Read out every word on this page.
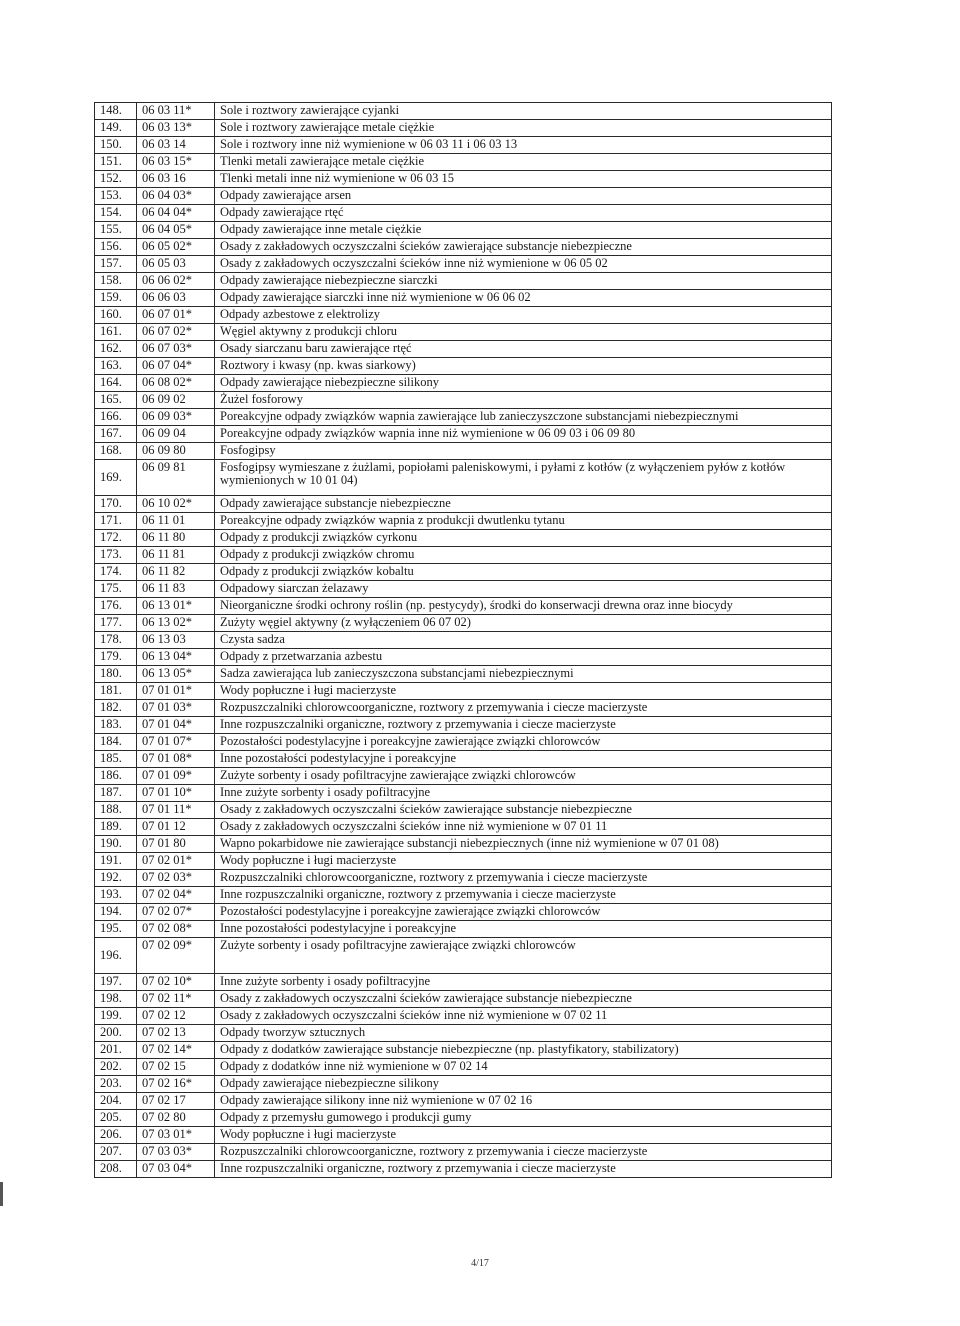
148.	06 03 11*	Sole i roztwory zawierające cyjanki
149.	06 03 13*	Sole i roztwory zawierające metale ciężkie
150.	06 03 14	Sole i roztwory inne niż wymienione w 06 03 11 i 06 03 13
151.	06 03 15*	Tlenki metali zawierające metale ciężkie
152.	06 03 16	Tlenki metali inne niż wymienione w 06 03 15
153.	06 04 03*	Odpady zawierające arsen
154.	06 04 04*	Odpady zawierające rtęć
155.	06 04 05*	Odpady zawierające inne metale ciężkie
156.	06 05 02*	Osady z zakładowych oczyszczalni ścieków zawierające substancje niebezpieczne
157.	06 05 03	Osady z zakładowych oczyszczalni ścieków inne niż wymienione w 06 05 02
158.	06 06 02*	Odpady zawierające niebezpieczne siarczki
159.	06 06 03	Odpady zawierające siarczki inne niż wymienione w 06 06 02
160.	06 07 01*	Odpady azbestowe z elektrolizy
161.	06 07 02*	Węgiel aktywny z produkcji chloru
162.	06 07 03*	Osady siarczanu baru zawierające rtęć
163.	06 07 04*	Roztwory i kwasy (np. kwas siarkowy)
164.	06 08 02*	Odpady zawierające niebezpieczne silikony
165.	06 09 02	Żużel fosforowy
166.	06 09 03*	Poreakcyjne odpady związków wapnia zawierające lub zanieczyszczone substancjami niebezpiecznymi
167.	06 09 04	Poreakcyjne odpady związków wapnia inne niż wymienione w 06 09 03 i 06 09 80
168.	06 09 80	Fosfogipsy
169.	06 09 81	Fosfogipsy wymieszane z żużlami, popiołami paleniskowymi, i pyłami z kotłów (z wyłączeniem pyłów z kotłów wymienionych w 10 01 04)
170.	06 10 02*	Odpady zawierające substancje niebezpieczne
171.	06 11 01	Poreakcyjne odpady związków wapnia z produkcji dwutlenku tytanu
172.	06 11 80	Odpady z produkcji związków cyrkonu
173.	06 11 81	Odpady z produkcji związków chromu
174.	06 11 82	Odpady z produkcji związków kobaltu
175.	06 11 83	Odpadowy siarczan żelazawy
176.	06 13 01*	Nieorganiczne środki ochrony roślin (np. pestycydy), środki do konserwacji drewna oraz inne biocydy
177.	06 13 02*	Zużyty węgiel aktywny (z wyłączeniem 06 07 02)
178.	06 13 03	Czysta sadza
179.	06 13 04*	Odpady z przetwarzania azbestu
180.	06 13 05*	Sadza zawierająca lub zanieczyszczona substancjami niebezpiecznymi
181.	07 01 01*	Wody popłuczne i ługi macierzyste
182.	07 01 03*	Rozpuszczalniki chlorowcoorganiczne, roztwory z przemywania i ciecze macierzyste
183.	07 01 04*	Inne rozpuszczalniki organiczne, roztwory z przemywania i ciecze macierzyste
184.	07 01 07*	Pozostałości podestylacyjne i poreakcyjne zawierające związki chlorowców
185.	07 01 08*	Inne pozostałości podestylacyjne i poreakcyjne
186.	07 01 09*	Zużyte sorbenty i osady pofiltracyjne zawierające związki chlorowców
187.	07 01 10*	Inne zużyte sorbenty i osady pofiltracyjne
188.	07 01 11*	Osady z zakładowych oczyszczalni ścieków zawierające substancje niebezpieczne
189.	07 01 12	Osady z zakładowych oczyszczalni ścieków inne niż wymienione w 07 01 11
190.	07 01 80	Wapno pokarbidowe nie zawierające substancji niebezpiecznych (inne niż wymienione w 07 01 08)
191.	07 02 01*	Wody popłuczne i ługi macierzyste
192.	07 02 03*	Rozpuszczalniki chlorowcoorganiczne, roztwory z przemywania i ciecze macierzyste
193.	07 02 04*	Inne rozpuszczalniki organiczne, roztwory z przemywania i ciecze macierzyste
194.	07 02 07*	Pozostałości podestylacyjne i poreakcyjne zawierające związki chlorowców
195.	07 02 08*	Inne pozostałości podestylacyjne i poreakcyjne
196.	07 02 09*	Zużyte sorbenty i osady pofiltracyjne zawierające związki chlorowców
197.	07 02 10*	Inne zużyte sorbenty i osady pofiltracyjne
198.	07 02 11*	Osady z zakładowych oczyszczalni ścieków zawierające substancje niebezpieczne
199.	07 02 12	Osady z zakładowych oczyszczalni ścieków inne niż wymienione w 07 02 11
200.	07 02 13	Odpady tworzyw sztucznych
201.	07 02 14*	Odpady z dodatków zawierające substancje niebezpieczne (np. plastyfikatory, stabilizatory)
202.	07 02 15	Odpady z dodatków inne niż wymienione w 07 02 14
203.	07 02 16*	Odpady zawierające niebezpieczne silikony
204.	07 02 17	Odpady zawierające silikony inne niż wymienione w 07 02 16
205.	07 02 80	Odpady z przemysłu gumowego i produkcji gumy
206.	07 03 01*	Wody popłuczne i ługi macierzyste
207.	07 03 03*	Rozpuszczalniki chlorowcoorganiczne, roztwory z przemywania i ciecze macierzyste
208.	07 03 04*	Inne rozpuszczalniki organiczne, roztwory z przemywania i ciecze macierzyste
4/17
